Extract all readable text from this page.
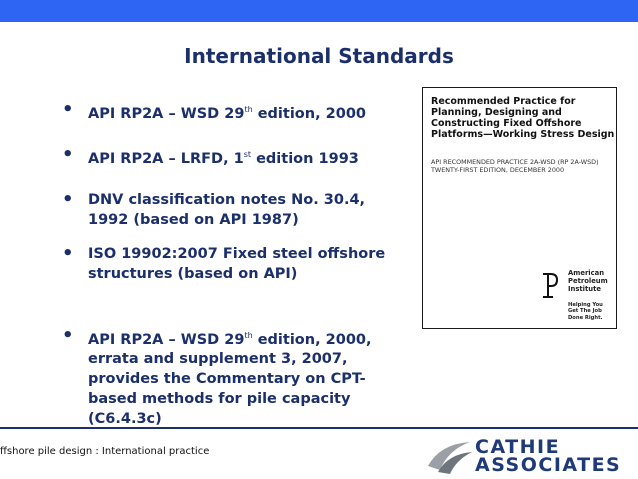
International Standards
• API RP2A – WSD 29th edition, 2000
• API RP2A – LRFD, 1st edition 1993
• DNV classification notes No. 30.4, 1992 (based on API 1987)
• ISO 19902:2007 Fixed steel offshore structures (based on API)
• API RP2A – WSD 29th edition, 2000, errata and supplement 3, 2007, provides the Commentary on CPT-based methods for pile capacity (C6.4.3c)
Recommended Practice for Planning, Designing and Constructing Fixed Offshore Platforms—Working Stress Design
API RECOMMENDED PRACTICE 2A-WSD (RP 2A-WSD)
TWENTY-FIRST EDITION, DECEMBER 2000
American
Petroleum
Institute
Helping You
Get The Job
Done Right.
ffshore pile design : International practice	CATHIE
ASSOCIATES
